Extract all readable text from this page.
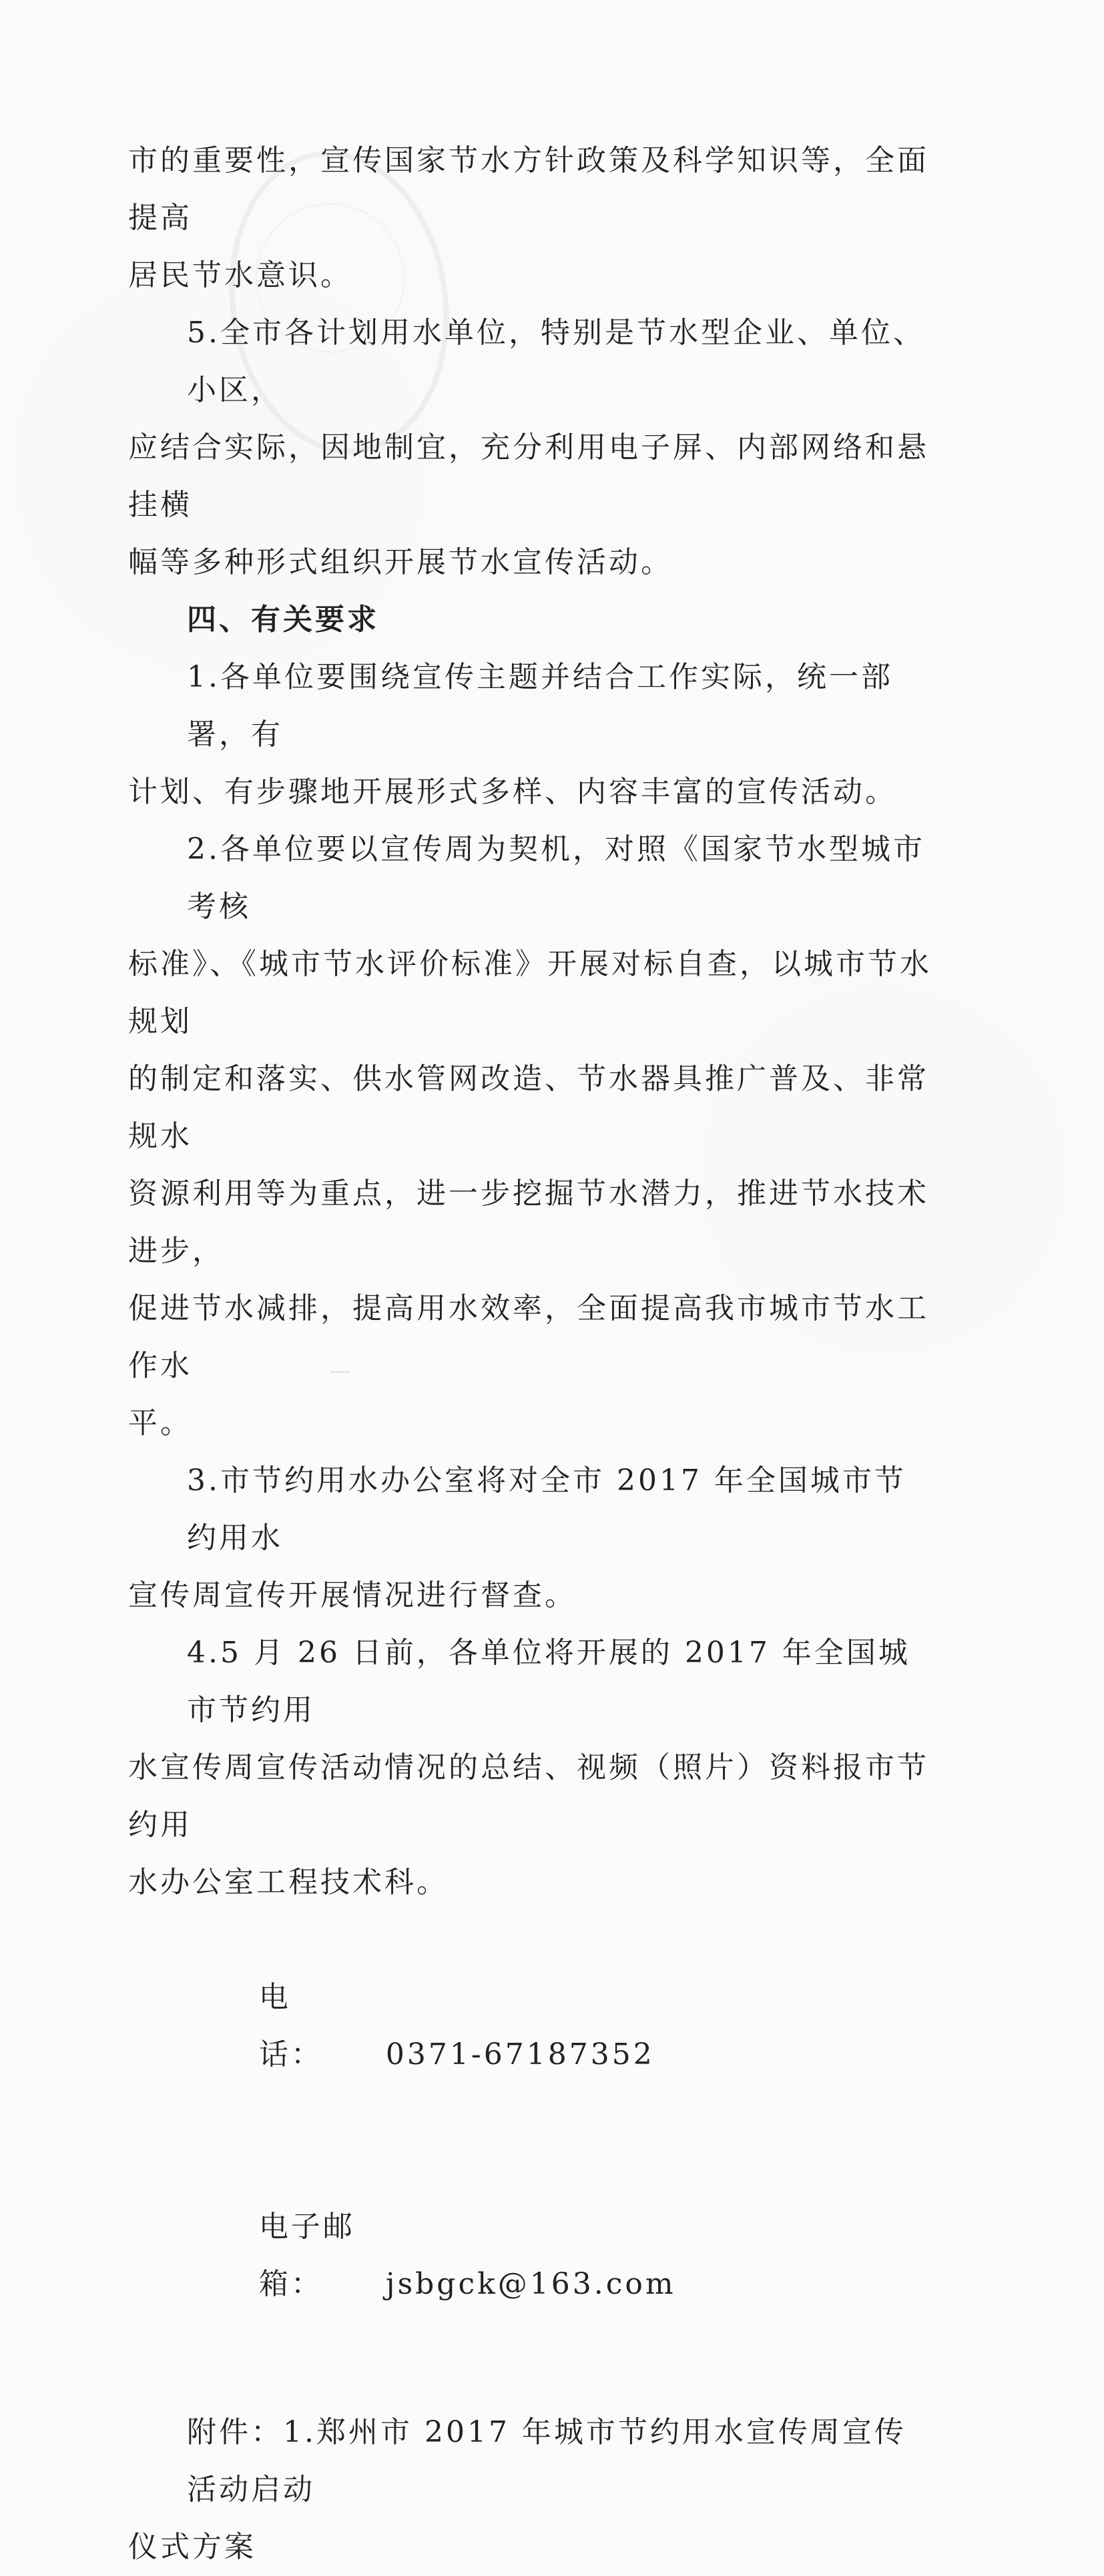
市的重要性，宣传国家节水方针政策及科学知识等，全面提高

居民节水意识。

5.全市各计划用水单位，特别是节水型企业、单位、小区，

应结合实际，因地制宜，充分利用电子屏、内部网络和悬挂横

幅等多种形式组织开展节水宣传活动。

四、有关要求

1.各单位要围绕宣传主题并结合工作实际，统一部署，有

计划、有步骤地开展形式多样、内容丰富的宣传活动。

2.各单位要以宣传周为契机，对照《国家节水型城市考核

标准》、《城市节水评价标准》开展对标自查，以城市节水规划

的制定和落实、供水管网改造、节水器具推广普及、非常规水

资源利用等为重点，进一步挖掘节水潜力，推进节水技术进步，

促进节水减排，提高用水效率，全面提高我市城市节水工作水

平。

3.市节约用水办公室将对全市 2017 年全国城市节约用水

宣传周宣传开展情况进行督查。

4.5 月 26 日前，各单位将开展的 2017 年全国城市节约用

水宣传周宣传活动情况的总结、视频（照片）资料报市节约用

水办公室工程技术科。

电　　话： 0371-67187352

电子邮箱： jsbgck@163.com

附件：1.郑州市 2017 年城市节约用水宣传周宣传活动启动

仪式方案
